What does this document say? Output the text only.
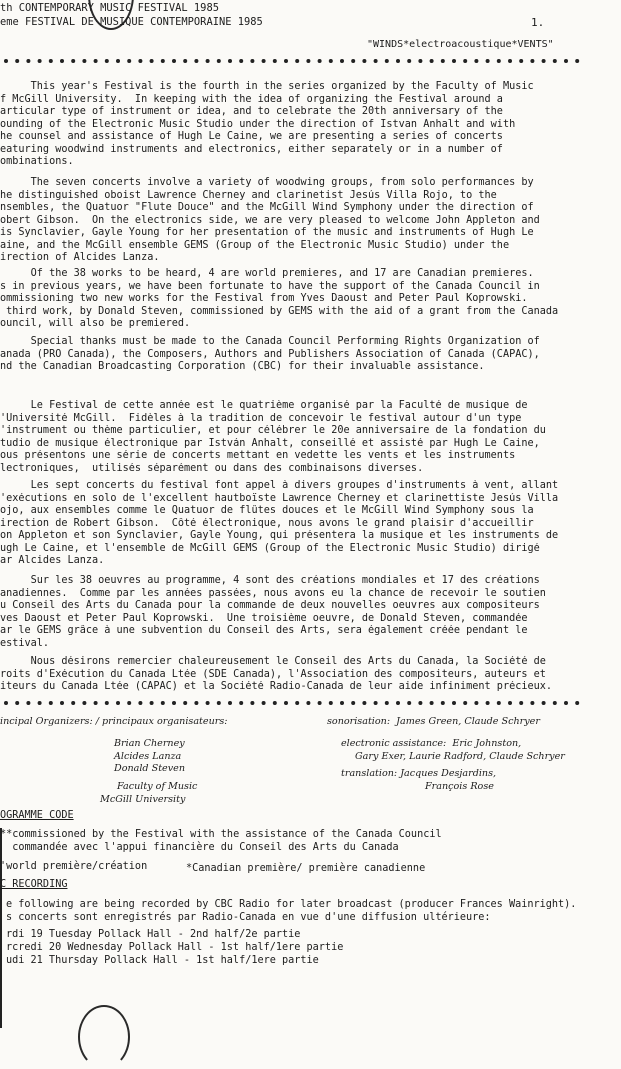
th CONTEMPORARY MUSIC FESTIVAL 1985
eme FESTIVAL DE MUSIQUE CONTEMPORAINE 1985	1.
"WINDS*electroacoustique*VENTS"
This year's Festival is the fourth in the series organized by the Faculty of Music
f McGill University.  In keeping with the idea of organizing the Festival around a
articular type of instrument or idea, and to celebrate the 20th anniversary of the
ounding of the Electronic Music Studio under the direction of Istvan Anhalt and with
he counsel and assistance of Hugh Le Caine, we are presenting a series of concerts
eaturing woodwind instruments and electronics, either separately or in a number of
ombinations.
The seven concerts involve a variety of woodwing groups, from solo performances by
he distinguished oboist Lawrence Cherney and clarinetist Jesús Villa Rojo, to the
nsembles, the Quatuor "Flute Douce" and the McGill Wind Symphony under the direction of
obert Gibson.  On the electronics side, we are very pleased to welcome John Appleton and
is Synclavier, Gayle Young for her presentation of the music and instruments of Hugh Le
aine, and the McGill ensemble GEMS (Group of the Electronic Music Studio) under the
irection of Alcides Lanza.
Of the 38 works to be heard, 4 are world premieres, and 17 are Canadian premieres.
s in previous years, we have been fortunate to have the support of the Canada Council in
ommissioning two new works for the Festival from Yves Daoust and Peter Paul Koprowski.
third work, by Donald Steven, commissioned by GEMS with the aid of a grant from the Canada
ouncil, will also be premiered.
Special thanks must be made to the Canada Council Performing Rights Organization of
anada (PRO Canada), the Composers, Authors and Publishers Association of Canada (CAPAC),
nd the Canadian Broadcasting Corporation (CBC) for their invaluable assistance.
Le Festival de cette année est le quatrième organisé par la Faculté de musique de
'Université McGill.  Fidèles à la tradition de concevoir le festival autour d'un type
'instrument ou thème particulier, et pour célébrer le 20e anniversaire de la fondation du
tudio de musique électronique par István Anhalt, conseillé et assisté par Hugh Le Caine,
ous présentons une série de concerts mettant en vedette les vents et les instruments
lectroniques,  utilisés séparément ou dans des combinaisons diverses.
Les sept concerts du festival font appel à divers groupes d'instruments à vent, allant
'exécutions en solo de l'excellent hautboïste Lawrence Cherney et clarinettiste Jesús Villa
ojo, aux ensembles comme le Quatuor de flûtes douces et le McGill Wind Symphony sous la
irection de Robert Gibson.  Côté électronique, nous avons le grand plaisir d'accueillir
on Appleton et son Synclavier, Gayle Young, qui présentera la musique et les instruments de
ugh Le Caine, et l'ensemble de McGill GEMS (Group of the Electronic Music Studio) dirigé
ar Alcides Lanza.
Sur les 38 oeuvres au programme, 4 sont des créations mondiales et 17 des créations
anadiennes.  Comme par les années passées, nous avons eu la chance de recevoir le soutien
u Conseil des Arts du Canada pour la commande de deux nouvelles oeuvres aux compositeurs
ves Daoust et Peter Paul Koprowski.  Une troisième oeuvre, de Donald Steven, commandée
ar le GEMS grâce à une subvention du Conseil des Arts, sera également créée pendant le
estival.
Nous désirons remercier chaleureusement le Conseil des Arts du Canada, la Société de
roits d'Exécution du Canada Ltée (SDE Canada), l'Association des compositeurs, auteurs et
iteurs du Canada Ltée (CAPAC) et la Société Radio-Canada de leur aide infiniment précieux.
incipal Organizers: / principaux organisateurs:
Brian Cherney
Alcides Lanza
Donald Steven
Faculty of Music
McGill University
sonorisation:  James Green, Claude Schryer
electronic assistance:  Eric Johnston,
Gary Exer, Laurie Radford, Claude Schryer
translation: Jacques Desjardins,
François Rose
OGRAMME CODE
**commissioned by the Festival with the assistance of the Canada Council
commandée avec l'appui financière du Conseil des Arts du Canada
'world première/création	*Canadian première/ première canadienne
C RECORDING
e following are being recorded by CBC Radio for later broadcast (producer Frances Wainright).
s concerts sont enregistrés par Radio-Canada en vue d'une diffusion ultérieure:
rdi 19 Tuesday Pollack Hall - 2nd half/2e partie
rcredi 20 Wednesday Pollack Hall - 1st half/1ere partie
udi 21 Thursday Pollack Hall - 1st half/1ere partie
